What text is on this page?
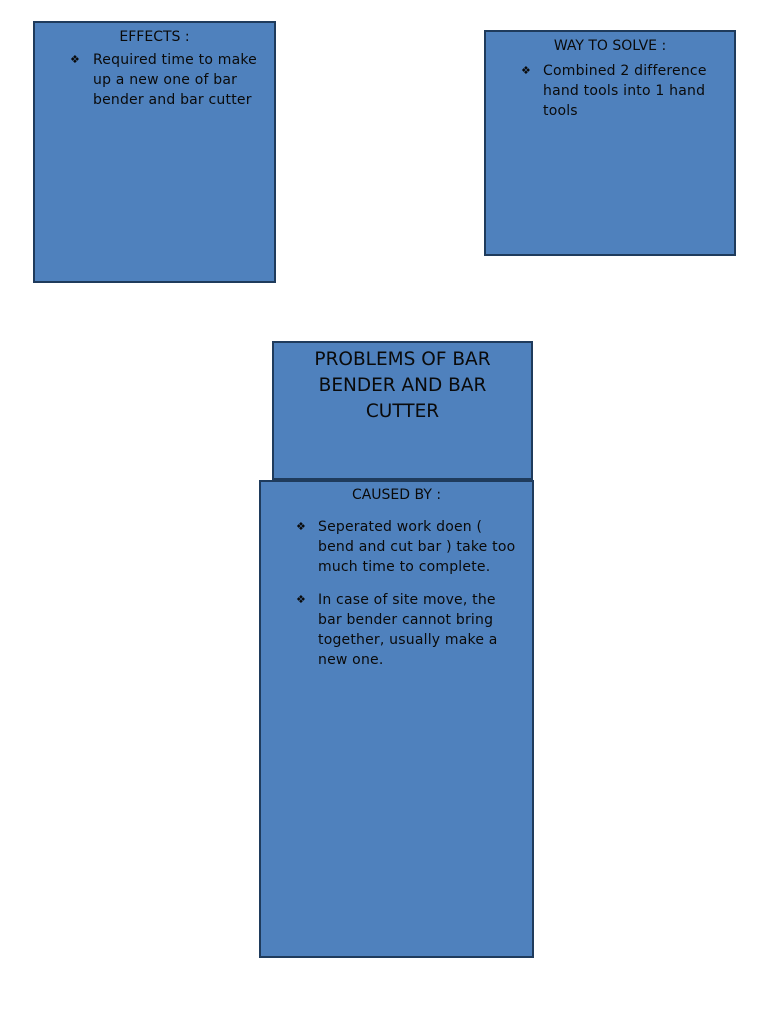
EFFECTS :
❖ Required time to make up a new one of bar bender and bar cutter
WAY TO SOLVE :
❖ Combined 2 difference hand tools into 1 hand tools
PROBLEMS OF BAR BENDER AND BAR CUTTER
CAUSED BY :
❖ Seperated work doen ( bend and cut bar ) take too much time to complete.
❖ In case of site move, the bar bender cannot bring together, usually make a new one.
